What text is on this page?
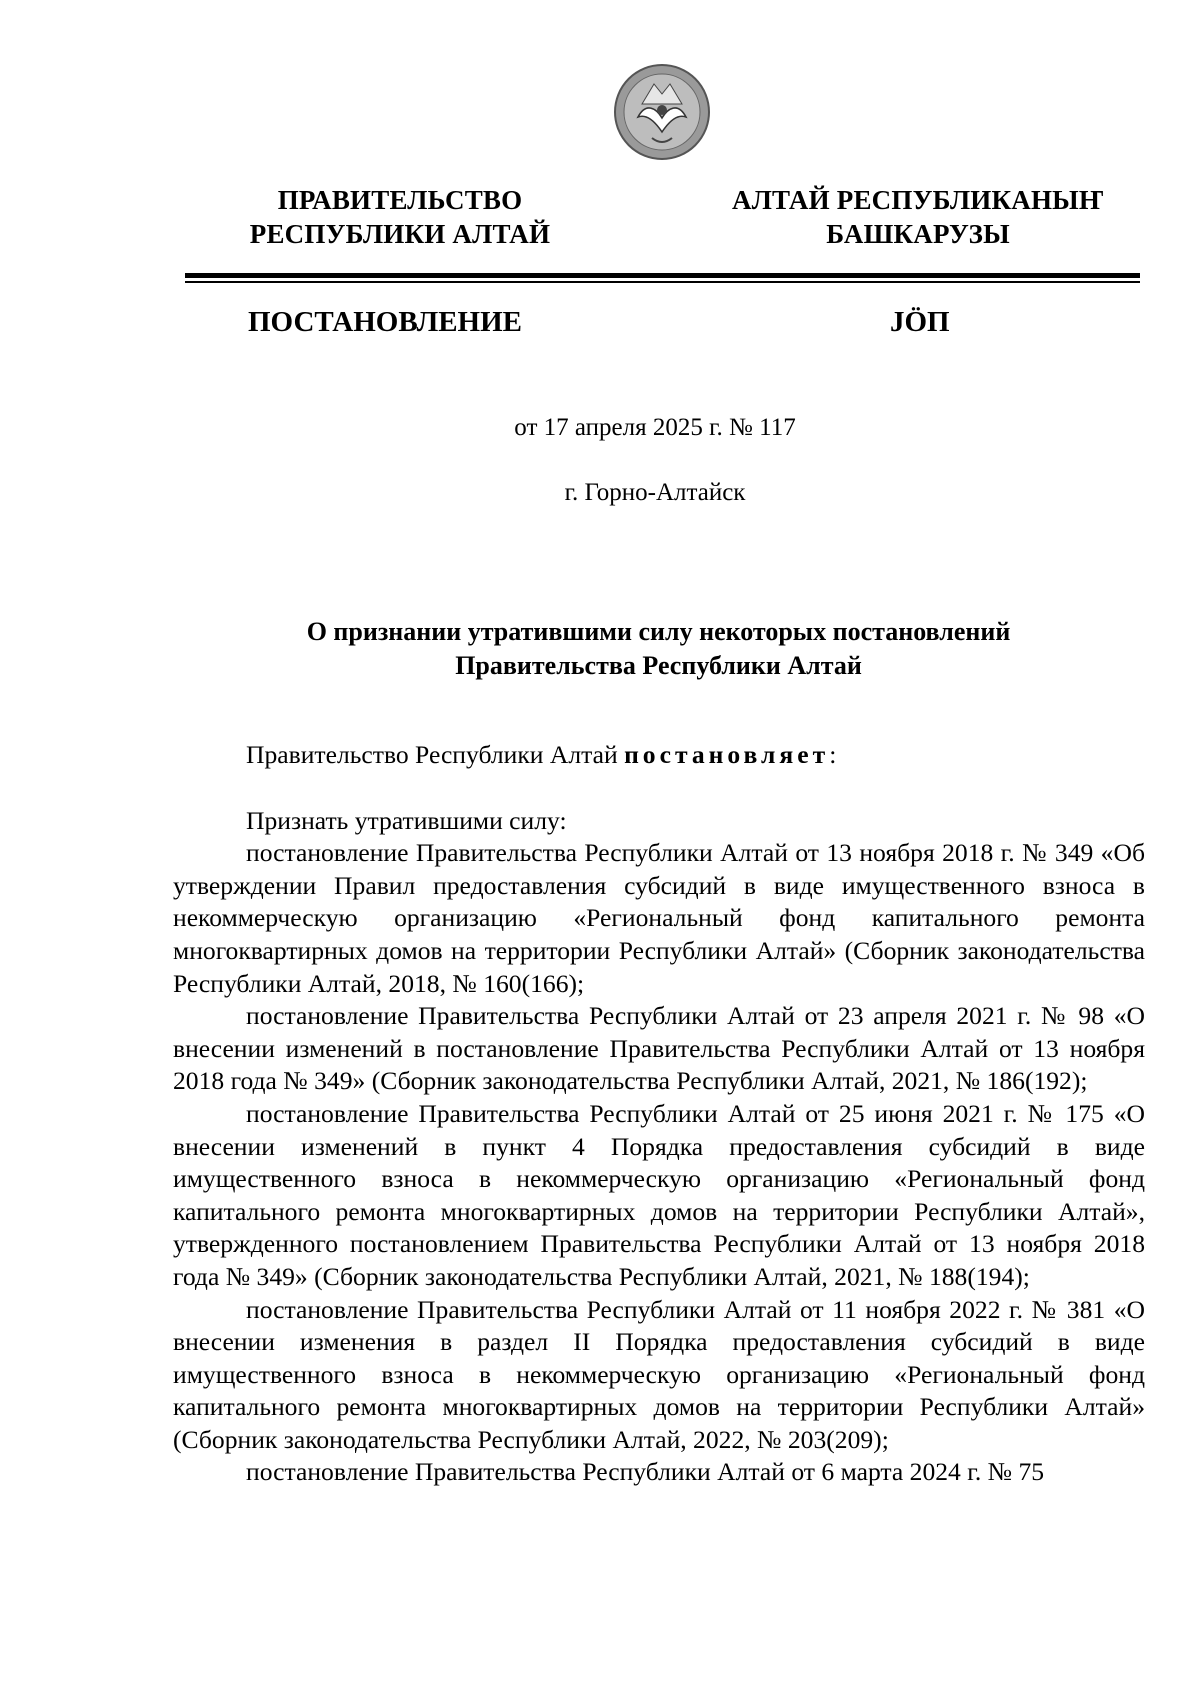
ПРАВИТЕЛЬСТВО
РЕСПУБЛИКИ АЛТАЙ
АЛТАЙ РЕСПУБЛИКАНЫҤ
БАШКАРУЗЫ
ПОСТАНОВЛЕНИЕ	JÖП
от 17 апреля 2025 г. № 117
г. Горно-Алтайск
О признании утратившими силу некоторых постановлений
Правительства Республики Алтай

Правительство Республики Алтай постановляет:

Признать утратившими силу:

постановление Правительства Республики Алтай от 13 ноября 2018 г. № 349 «Об утверждении Правил предоставления субсидий в виде имущественного взноса в некоммерческую организацию «Региональный фонд капитального ремонта многоквартирных домов на территории Республики Алтай» (Сборник законодательства Республики Алтай, 2018, № 160(166);

постановление Правительства Республики Алтай от 23 апреля 2021 г. № 98 «О внесении изменений в постановление Правительства Республики Алтай от 13 ноября 2018 года № 349» (Сборник законодательства Республики Алтай, 2021, № 186(192);

постановление Правительства Республики Алтай от 25 июня 2021 г. № 175 «О внесении изменений в пункт 4 Порядка предоставления субсидий в виде имущественного взноса в некоммерческую организацию «Региональный фонд капитального ремонта многоквартирных домов на территории Республики Алтай», утвержденного постановлением Правительства Республики Алтай от 13 ноября 2018 года № 349» (Сборник законодательства Республики Алтай, 2021, № 188(194);

постановление Правительства Республики Алтай от 11 ноября 2022 г. № 381 «О внесении изменения в раздел II Порядка предоставления субсидий в виде имущественного взноса в некоммерческую организацию «Региональный фонд капитального ремонта многоквартирных домов на территории Республики Алтай» (Сборник законодательства Республики Алтай, 2022, № 203(209);

постановление Правительства Республики Алтай от 6 марта 2024 г. № 75
